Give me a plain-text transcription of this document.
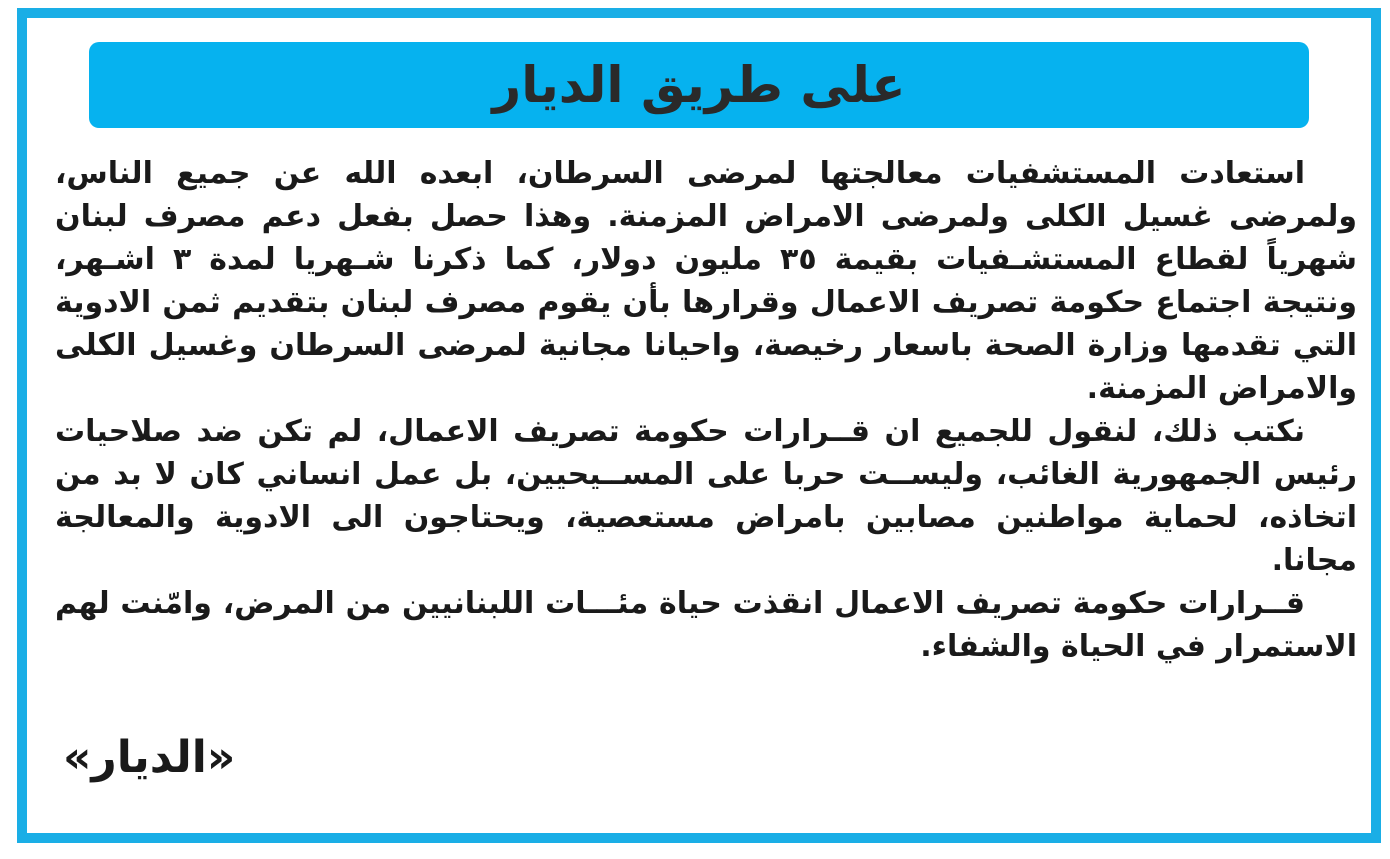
على طريق الديار

استعادت المستشفيات معالجتها لمرضى السرطان، ابعده الله عن جميع الناس، ولمرضى غسيل الكلى ولمرضى الامراض المزمنة. وهذا حصل بفعل دعم مصرف لبنان شهرياً لقطاع المستشـفيات بقيمة ٣٥ مليون دولار، كما ذكرنا شـهريا لمدة ٣ اشـهر، ونتيجة اجتماع حكومة تصريف الاعمال وقرارها بأن يقوم مصرف لبنان بتقديم ثمن الادوية التي تقدمها وزارة الصحة باسعار رخيصة، واحيانا مجانية لمرضى السرطان وغسيل الكلى والامراض المزمنة.

نكتب ذلك، لنقول للجميع ان قــرارات حكومة تصريف الاعمال، لم تكن ضد صلاحيات رئيس الجمهورية الغائب، وليســت حربا على المســيحيين، بل عمل انساني كان لا بد من اتخاذه، لحماية مواطنين مصابين بامراض مستعصية، ويحتاجون الى الادوية والمعالجة مجانا.

قــرارات حكومة تصريف الاعمال انقذت حياة مئـــات اللبنانيين من المرض، وامّنت لهم الاستمرار في الحياة والشفاء.

«الديار»
